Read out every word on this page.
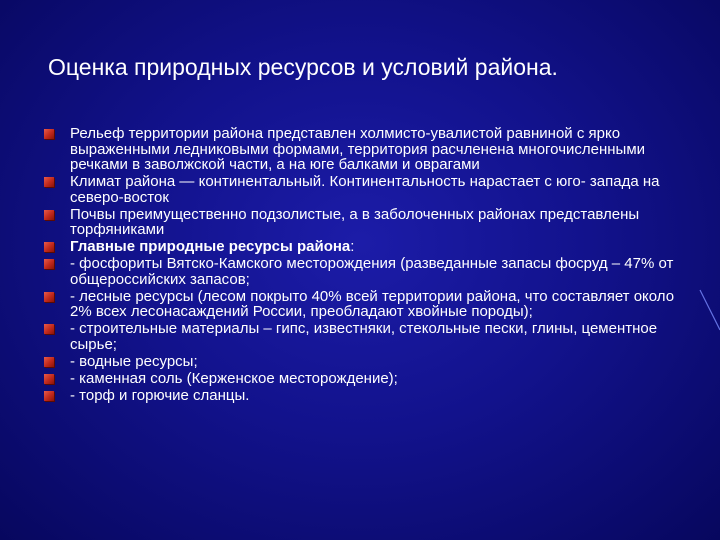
Оценка природных ресурсов и условий района.
Рельеф территории района представлен холмисто-увалистой равниной с ярко выраженными ледниковыми формами, территория расчленена многочисленными речками в заволжской части, а на юге балками и оврагами
Климат района — континентальный. Континентальность нарастает с юго- запада на северо-восток
Почвы преимущественно подзолистые, а в заболоченных районах представлены торфяниками
Главные природные ресурсы района:
- фосфориты Вятско-Камского месторождения (разведанные запасы фосруд – 47% от общероссийских запасов;
- лесные ресурсы (лесом покрыто 40% всей территории района, что составляет около 2% всех лесонасаждений России, преобладают хвойные породы);
- строительные материалы – гипс, известняки, стекольные пески, глины, цементное сырье;
- водные ресурсы;
- каменная соль (Керженское месторождение);
- торф и горючие сланцы.
